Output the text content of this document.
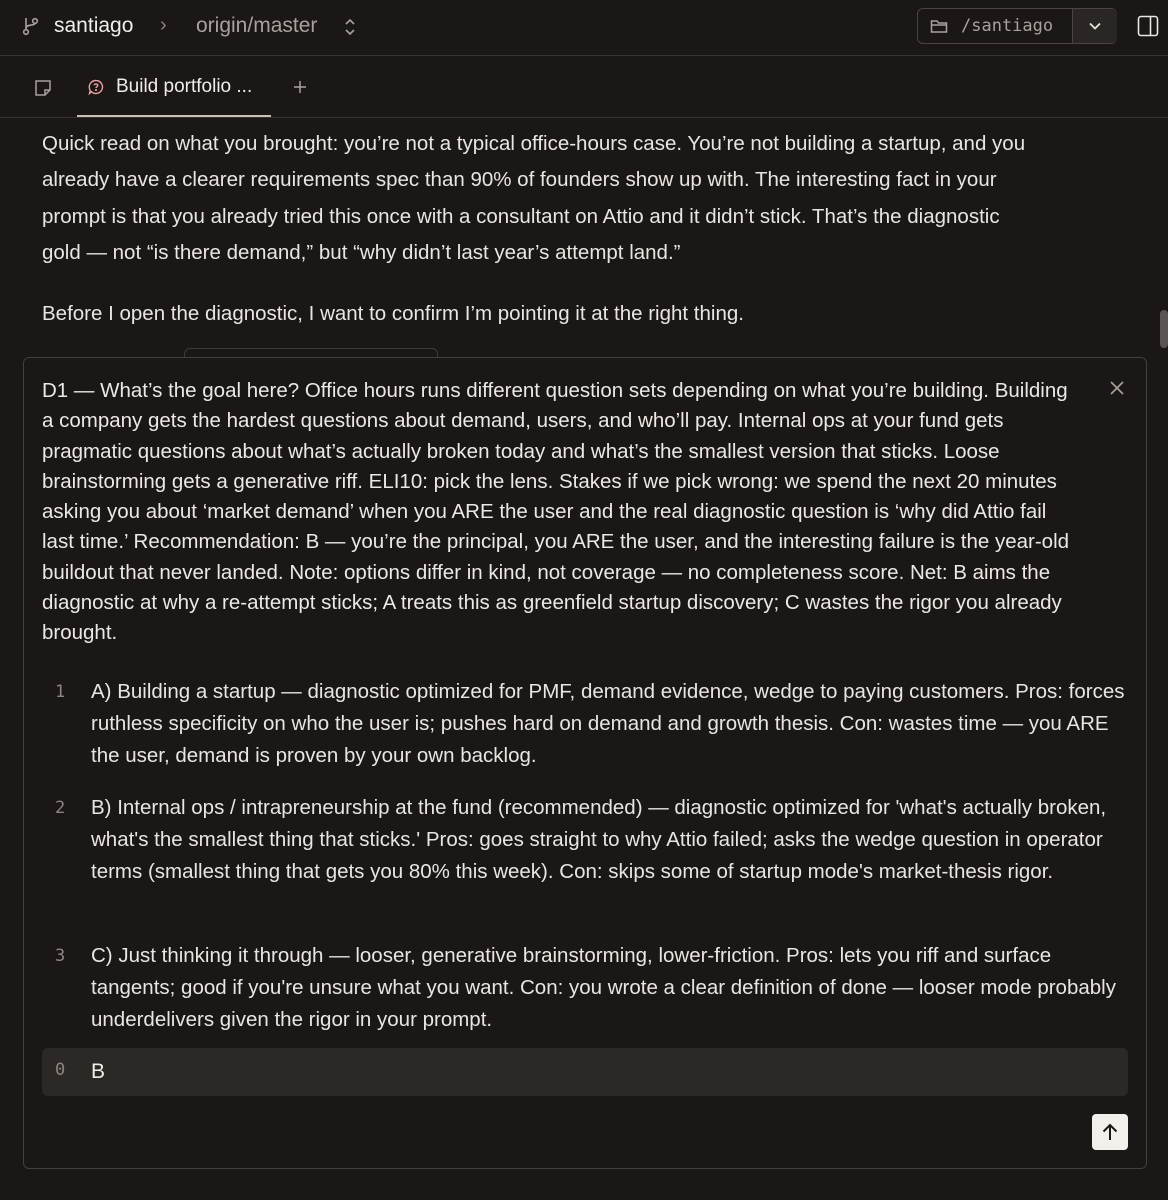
santiago › origin/master	/santiago
Build portfolio ...

Quick read on what you brought: you’re not a typical office-hours case. You’re not building a startup, and you already have a clearer requirements spec than 90% of founders show up with. The interesting fact in your prompt is that you already tried this once with a consultant on Attio and it didn’t stick. That’s the diagnostic gold — not “is there demand,” but “why didn’t last year’s attempt land.”

Before I open the diagnostic, I want to confirm I’m pointing it at the right thing.

D1 — What’s the goal here? Office hours runs different question sets depending on what you’re building. Building a company gets the hardest questions about demand, users, and who’ll pay. Internal ops at your fund gets pragmatic questions about what’s actually broken today and what’s the smallest version that sticks. Loose brainstorming gets a generative riff. ELI10: pick the lens. Stakes if we pick wrong: we spend the next 20 minutes asking you about ‘market demand’ when you ARE the user and the real diagnostic question is ‘why did Attio fail last time.’ Recommendation: B — you’re the principal, you ARE the user, and the interesting failure is the year-old buildout that never landed. Note: options differ in kind, not coverage — no completeness score. Net: B aims the diagnostic at why a re-attempt sticks; A treats this as greenfield startup discovery; C wastes the rigor you already brought.

1 A) Building a startup — diagnostic optimized for PMF, demand evidence, wedge to paying customers. Pros: forces ruthless specificity on who the user is; pushes hard on demand and growth thesis. Con: wastes time — you ARE the user, demand is proven by your own backlog.

2 B) Internal ops / intrapreneurship at the fund (recommended) — diagnostic optimized for 'what's actually broken, what's the smallest thing that sticks.' Pros: goes straight to why Attio failed; asks the wedge question in operator terms (smallest thing that gets you 80% this week). Con: skips some of startup mode's market-thesis rigor.

3 C) Just thinking it through — looser, generative brainstorming, lower-friction. Pros: lets you riff and surface tangents; good if you're unsure what you want. Con: you wrote a clear definition of done — looser mode probably underdelivers given the rigor in your prompt.

0
B
